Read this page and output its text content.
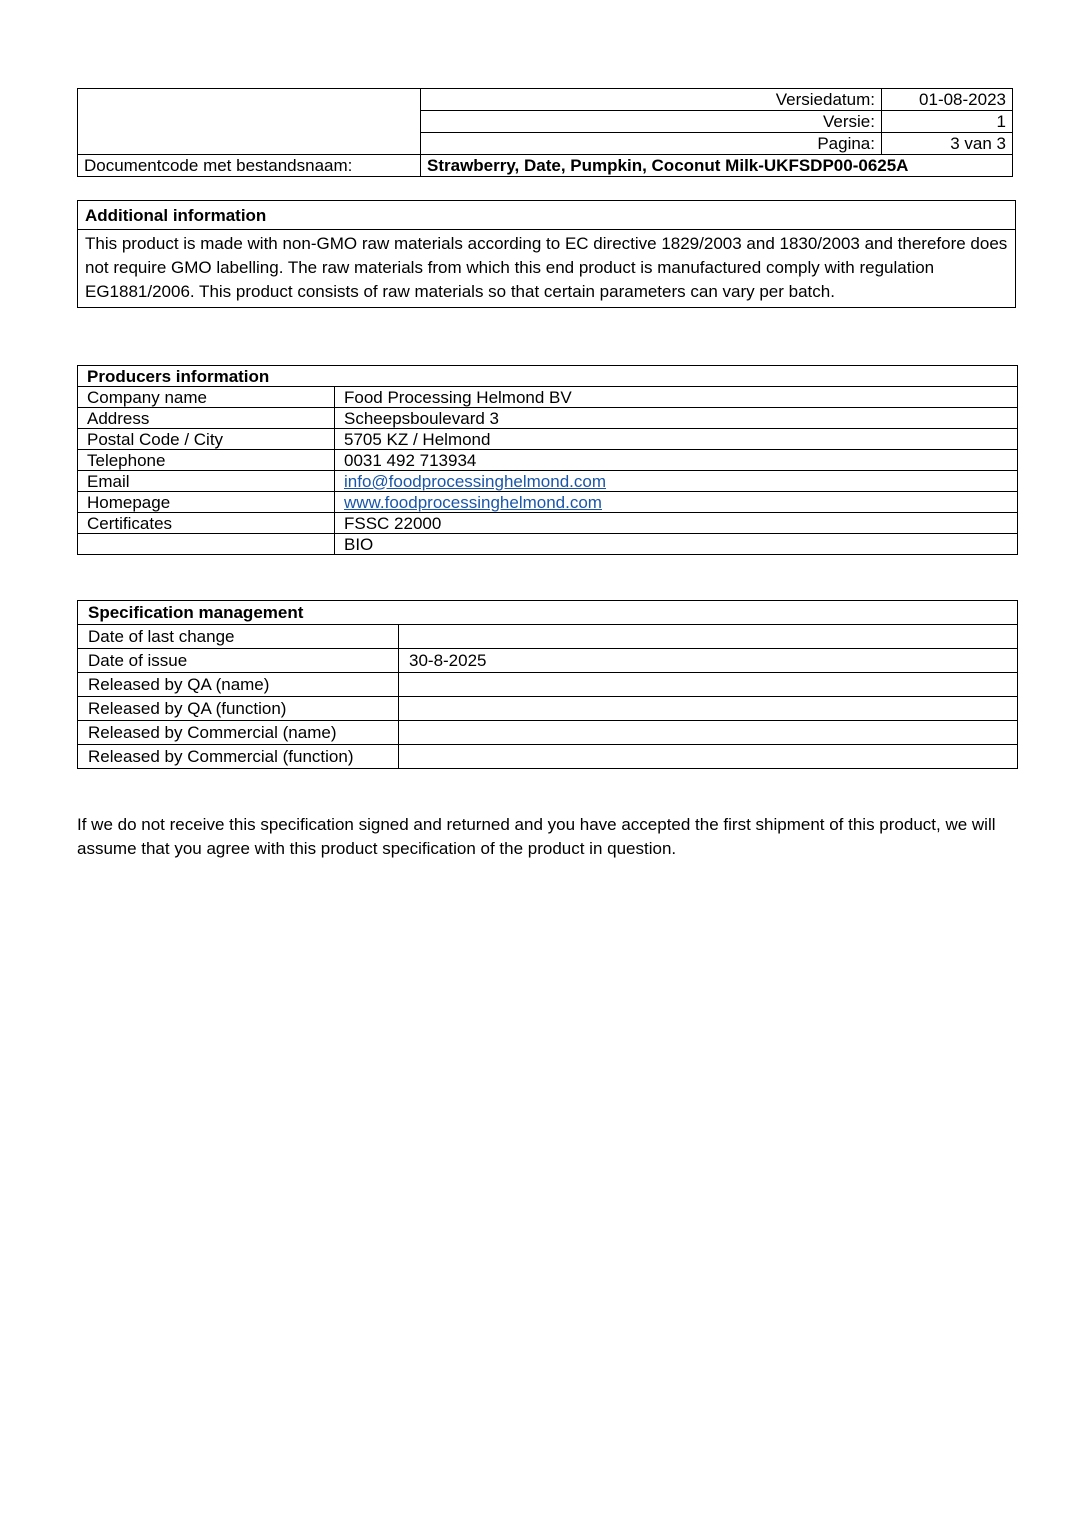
	Versiedatum:	01-08-2023
	Versie:	1
	Pagina:	3 van 3
Documentcode met bestandsnaam:	Strawberry, Date, Pumpkin, Coconut Milk-UKFSDP00-0625A	
Additional information
This product is made with non-GMO raw materials according to EC directive 1829/2003 and 1830/2003 and therefore does not require GMO labelling. The raw materials from which this end product is manufactured comply with regulation EG1881/2006. This product consists of raw materials so that certain parameters can vary per batch.
Producers information	
Company name	Food Processing Helmond BV
Address	Scheepsboulevard 3
Postal Code / City	5705 KZ / Helmond
Telephone	0031 492 713934
Email	info@foodprocessinghelmond.com
Homepage	www.foodprocessinghelmond.com
Certificates	FSSC 22000
	BIO
Specification management	
Date of last change	
Date of issue	30-8-2025
Released by QA (name)	
Released by QA (function)	
Released by Commercial (name)	
Released by Commercial (function)	
If we do not receive this specification signed and returned and you have accepted the first shipment of this product, we will assume that you agree with this product specification of the product in question.
